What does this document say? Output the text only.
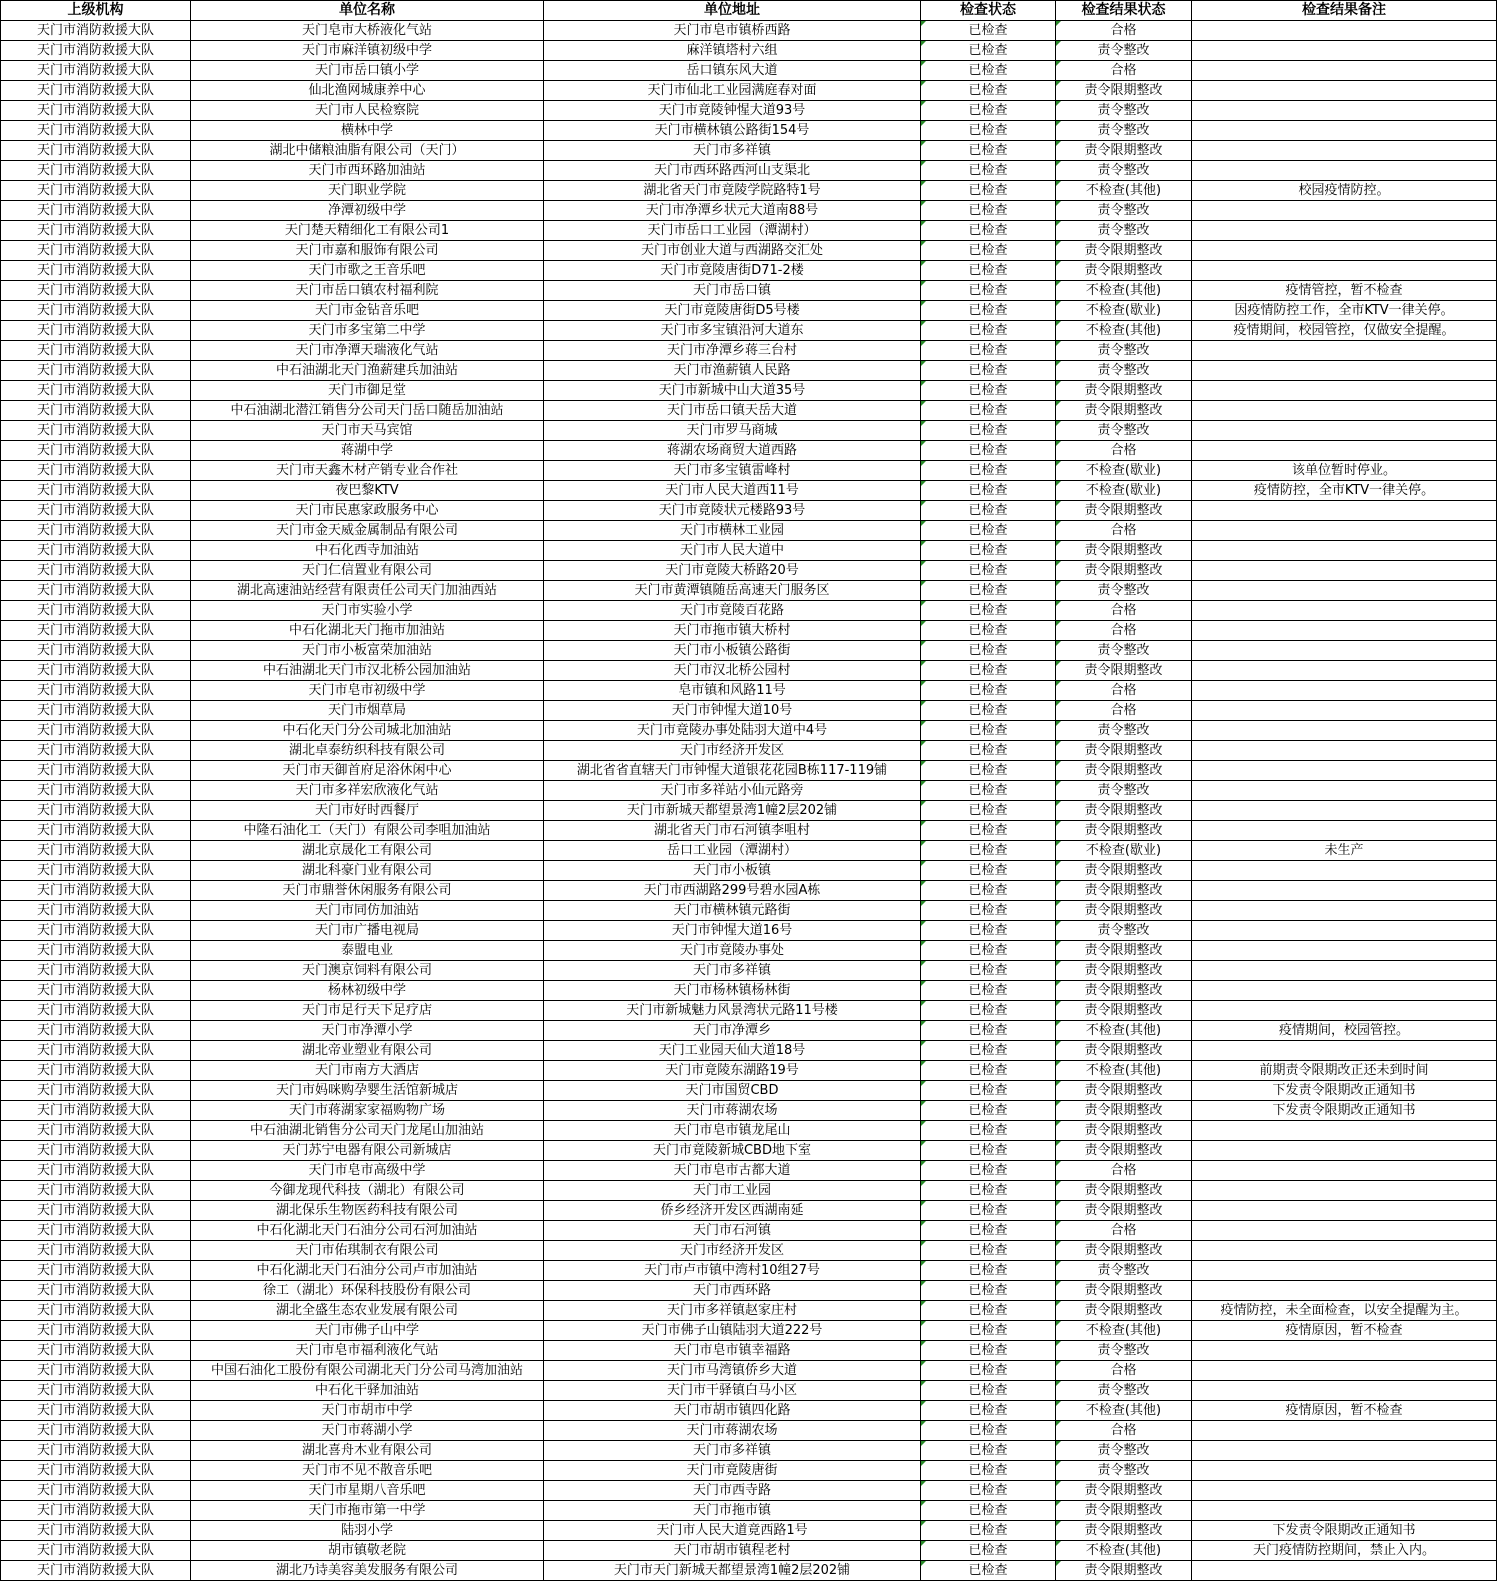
上级机构	单位名称	单位地址	检查状态	检查结果状态	检查结果备注
天门市消防救援大队	天门皂市大桥液化气站	天门市皂市镇桥西路	已检查	合格	
天门市消防救援大队	天门市麻洋镇初级中学	麻洋镇塔村六组	已检查	责令整改	
天门市消防救援大队	天门市岳口镇小学	岳口镇东风大道	已检查	合格	
天门市消防救援大队	仙北渔网城康养中心	天门市仙北工业园满庭春对面	已检查	责令限期整改	
天门市消防救援大队	天门市人民检察院	天门市竟陵钟惺大道93号	已检查	责令整改	
天门市消防救援大队	横林中学	天门市横林镇公路街154号	已检查	责令整改	
天门市消防救援大队	湖北中储粮油脂有限公司（天门）	天门市多祥镇	已检查	责令限期整改	
天门市消防救援大队	天门市西环路加油站	天门市西环路西河山支渠北	已检查	责令整改	
天门市消防救援大队	天门职业学院	湖北省天门市竟陵学院路特1号	已检查	不检查(其他)	校园疫情防控。
天门市消防救援大队	净潭初级中学	天门市净潭乡状元大道南88号	已检查	责令整改	
天门市消防救援大队	天门楚天精细化工有限公司1	天门市岳口工业园（潭湖村）	已检查	责令整改	
天门市消防救援大队	天门市嘉和服饰有限公司	天门市创业大道与西湖路交汇处	已检查	责令限期整改	
天门市消防救援大队	天门市歌之王音乐吧	天门市竟陵唐街D71-2楼	已检查	责令限期整改	
天门市消防救援大队	天门市岳口镇农村福利院	天门市岳口镇	已检查	不检查(其他)	疫情管控，暂不检查
天门市消防救援大队	天门市金钻音乐吧	天门市竟陵唐街D5号楼	已检查	不检查(歇业)	因疫情防控工作，全市KTV一律关停。
天门市消防救援大队	天门市多宝第二中学	天门市多宝镇沿河大道东	已检查	不检查(其他)	疫情期间，校园管控，仅做安全提醒。
天门市消防救援大队	天门市净潭天瑞液化气站	天门市净潭乡蒋三台村	已检查	责令整改	
天门市消防救援大队	中石油湖北天门渔薪建兵加油站	天门市渔薪镇人民路	已检查	责令整改	
天门市消防救援大队	天门市御足堂	天门市新城中山大道35号	已检查	责令限期整改	
天门市消防救援大队	中石油湖北潜江销售分公司天门岳口随岳加油站	天门市岳口镇天岳大道	已检查	责令限期整改	
天门市消防救援大队	天门市天马宾馆	天门市罗马商城	已检查	责令整改	
天门市消防救援大队	蒋湖中学	蒋湖农场商贸大道西路	已检查	合格	
天门市消防救援大队	天门市天鑫木材产销专业合作社	天门市多宝镇雷峰村	已检查	不检查(歇业)	该单位暂时停业。
天门市消防救援大队	夜巴黎KTV	天门市人民大道西11号	已检查	不检查(歇业)	疫情防控，全市KTV一律关停。
天门市消防救援大队	天门市民惠家政服务中心	天门市竟陵状元楼路93号	已检查	责令限期整改	
天门市消防救援大队	天门市金天威金属制品有限公司	天门市横林工业园	已检查	合格	
天门市消防救援大队	中石化西寺加油站	天门市人民大道中	已检查	责令限期整改	
天门市消防救援大队	天门仁信置业有限公司	天门市竟陵大桥路20号	已检查	责令限期整改	
天门市消防救援大队	湖北高速油站经营有限责任公司天门加油西站	天门市黄潭镇随岳高速天门服务区	已检查	责令整改	
天门市消防救援大队	天门市实验小学	天门市竟陵百花路	已检查	合格	
天门市消防救援大队	中石化湖北天门拖市加油站	天门市拖市镇大桥村	已检查	合格	
天门市消防救援大队	天门市小板富荣加油站	天门市小板镇公路街	已检查	责令整改	
天门市消防救援大队	中石油湖北天门市汉北桥公园加油站	天门市汉北桥公园村	已检查	责令限期整改	
天门市消防救援大队	天门市皂市初级中学	皂市镇和风路11号	已检查	合格	
天门市消防救援大队	天门市烟草局	天门市钟惺大道10号	已检查	合格	
天门市消防救援大队	中石化天门分公司城北加油站	天门市竟陵办事处陆羽大道中4号	已检查	责令整改	
天门市消防救援大队	湖北卓泰纺织科技有限公司	天门市经济开发区	已检查	责令限期整改	
天门市消防救援大队	天门市天御首府足浴休闲中心	湖北省省直辖天门市钟惺大道银花花园B栋117-119铺	已检查	责令限期整改	
天门市消防救援大队	天门市多祥宏欣液化气站	天门市多祥站小仙元路旁	已检查	责令整改	
天门市消防救援大队	天门市好时西餐厅	天门市新城天都望景湾1幢2层202铺	已检查	责令限期整改	
天门市消防救援大队	中隆石油化工（天门）有限公司李咀加油站	湖北省天门市石河镇李咀村	已检查	责令限期整改	
天门市消防救援大队	湖北京晟化工有限公司	岳口工业园（潭湖村）	已检查	不检查(歇业)	未生产
天门市消防救援大队	湖北科豪门业有限公司	天门市小板镇	已检查	责令限期整改	
天门市消防救援大队	天门市鼎誉休闲服务有限公司	天门市西湖路299号碧水园A栋	已检查	责令限期整改	
天门市消防救援大队	天门市同仿加油站	天门市横林镇元路街	已检查	责令限期整改	
天门市消防救援大队	天门市广播电视局	天门市钟惺大道16号	已检查	责令整改	
天门市消防救援大队	泰盟电业	天门市竟陵办事处	已检查	责令限期整改	
天门市消防救援大队	天门澳京饲料有限公司	天门市多祥镇	已检查	责令限期整改	
天门市消防救援大队	杨林初级中学	天门市杨林镇杨林街	已检查	责令限期整改	
天门市消防救援大队	天门市足行天下足疗店	天门市新城魅力风景湾状元路11号楼	已检查	责令限期整改	
天门市消防救援大队	天门市净潭小学	天门市净潭乡	已检查	不检查(其他)	疫情期间，校园管控。
天门市消防救援大队	湖北帝业塑业有限公司	天门工业园天仙大道18号	已检查	责令限期整改	
天门市消防救援大队	天门市南方大酒店	天门市竟陵东湖路19号	已检查	不检查(其他)	前期责令限期改正还未到时间
天门市消防救援大队	天门市妈咪购孕婴生活馆新城店	天门市国贸CBD	已检查	责令限期整改	下发责令限期改正通知书
天门市消防救援大队	天门市蒋湖家家福购物广场	天门市蒋湖农场	已检查	责令限期整改	下发责令限期改正通知书
天门市消防救援大队	中石油湖北销售分公司天门龙尾山加油站	天门市皂市镇龙尾山	已检查	责令限期整改	
天门市消防救援大队	天门苏宁电器有限公司新城店	天门市竟陵新城CBD地下室	已检查	责令限期整改	
天门市消防救援大队	天门市皂市高级中学	天门市皂市古都大道	已检查	合格	
天门市消防救援大队	今御龙现代科技（湖北）有限公司	天门市工业园	已检查	责令限期整改	
天门市消防救援大队	湖北保乐生物医药科技有限公司	侨乡经济开发区西湖南延	已检查	责令限期整改	
天门市消防救援大队	中石化湖北天门石油分公司石河加油站	天门市石河镇	已检查	合格	
天门市消防救援大队	天门市佑琪制衣有限公司	天门市经济开发区	已检查	责令限期整改	
天门市消防救援大队	中石化湖北天门石油分公司卢市加油站	天门市卢市镇中湾村10组27号	已检查	责令整改	
天门市消防救援大队	徐工（湖北）环保科技股份有限公司	天门市西环路	已检查	责令限期整改	
天门市消防救援大队	湖北全盛生态农业发展有限公司	天门市多祥镇赵家庄村	已检查	责令限期整改	疫情防控，未全面检查，以安全提醒为主。
天门市消防救援大队	天门市佛子山中学	天门市佛子山镇陆羽大道222号	已检查	不检查(其他)	疫情原因，暂不检查
天门市消防救援大队	天门市皂市福利液化气站	天门市皂市镇幸福路	已检查	责令整改	
天门市消防救援大队	中国石油化工股份有限公司湖北天门分公司马湾加油站	天门市马湾镇侨乡大道	已检查	合格	
天门市消防救援大队	中石化干驿加油站	天门市干驿镇白马小区	已检查	责令整改	
天门市消防救援大队	天门市胡市中学	天门市胡市镇四化路	已检查	不检查(其他)	疫情原因，暂不检查
天门市消防救援大队	天门市蒋湖小学	天门市蒋湖农场	已检查	合格	
天门市消防救援大队	湖北喜舟木业有限公司	天门市多祥镇	已检查	责令整改	
天门市消防救援大队	天门市不见不散音乐吧	天门市竟陵唐街	已检查	责令整改	
天门市消防救援大队	天门市星期八音乐吧	天门市西寺路	已检查	责令限期整改	
天门市消防救援大队	天门市拖市第一中学	天门市拖市镇	已检查	责令限期整改	
天门市消防救援大队	陆羽小学	天门市人民大道竟西路1号	已检查	责令限期整改	下发责令限期改正通知书
天门市消防救援大队	胡市镇敬老院	天门市胡市镇程老村	已检查	不检查(其他)	天门疫情防控期间，禁止入内。
天门市消防救援大队	湖北乃诗美容美发服务有限公司	天门市天门新城天都望景湾1幢2层202铺	已检查	责令限期整改	
